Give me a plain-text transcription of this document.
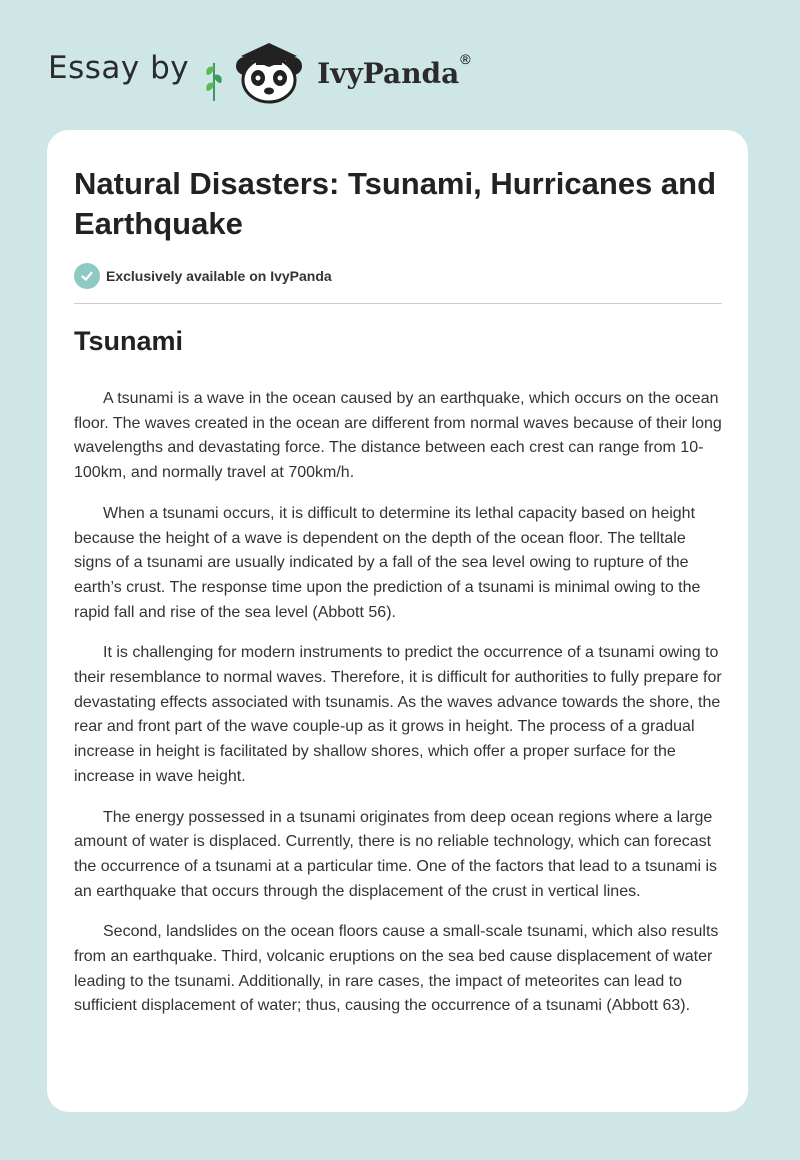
Essay by	IvyPanda ®
Natural Disasters: Tsunami, Hurricanes and Earthquake
Exclusively available on IvyPanda
Tsunami

A tsunami is a wave in the ocean caused by an earthquake, which occurs on the ocean floor. The waves created in the ocean are different from normal waves because of their long wavelengths and devastating force. The distance between each crest can range from 10-100km, and normally travel at 700km/h.

When a tsunami occurs, it is difficult to determine its lethal capacity based on height because the height of a wave is dependent on the depth of the ocean floor. The telltale signs of a tsunami are usually indicated by a fall of the sea level owing to rupture of the earth’s crust. The response time upon the prediction of a tsunami is minimal owing to the rapid fall and rise of the sea level (Abbott 56).

It is challenging for modern instruments to predict the occurrence of a tsunami owing to their resemblance to normal waves. Therefore, it is difficult for authorities to fully prepare for devastating effects associated with tsunamis. As the waves advance towards the shore, the rear and front part of the wave couple-up as it grows in height. The process of a gradual increase in height is facilitated by shallow shores, which offer a proper surface for the increase in wave height.

The energy possessed in a tsunami originates from deep ocean regions where a large amount of water is displaced. Currently, there is no reliable technology, which can forecast the occurrence of a tsunami at a particular time. One of the factors that lead to a tsunami is an earthquake that occurs through the displacement of the crust in vertical lines.

Second, landslides on the ocean floors cause a small-scale tsunami, which also results from an earthquake. Third, volcanic eruptions on the sea bed cause displacement of water leading to the tsunami. Additionally, in rare cases, the impact of meteorites can lead to sufficient displacement of water; thus, causing the occurrence of a tsunami (Abbott 63).
